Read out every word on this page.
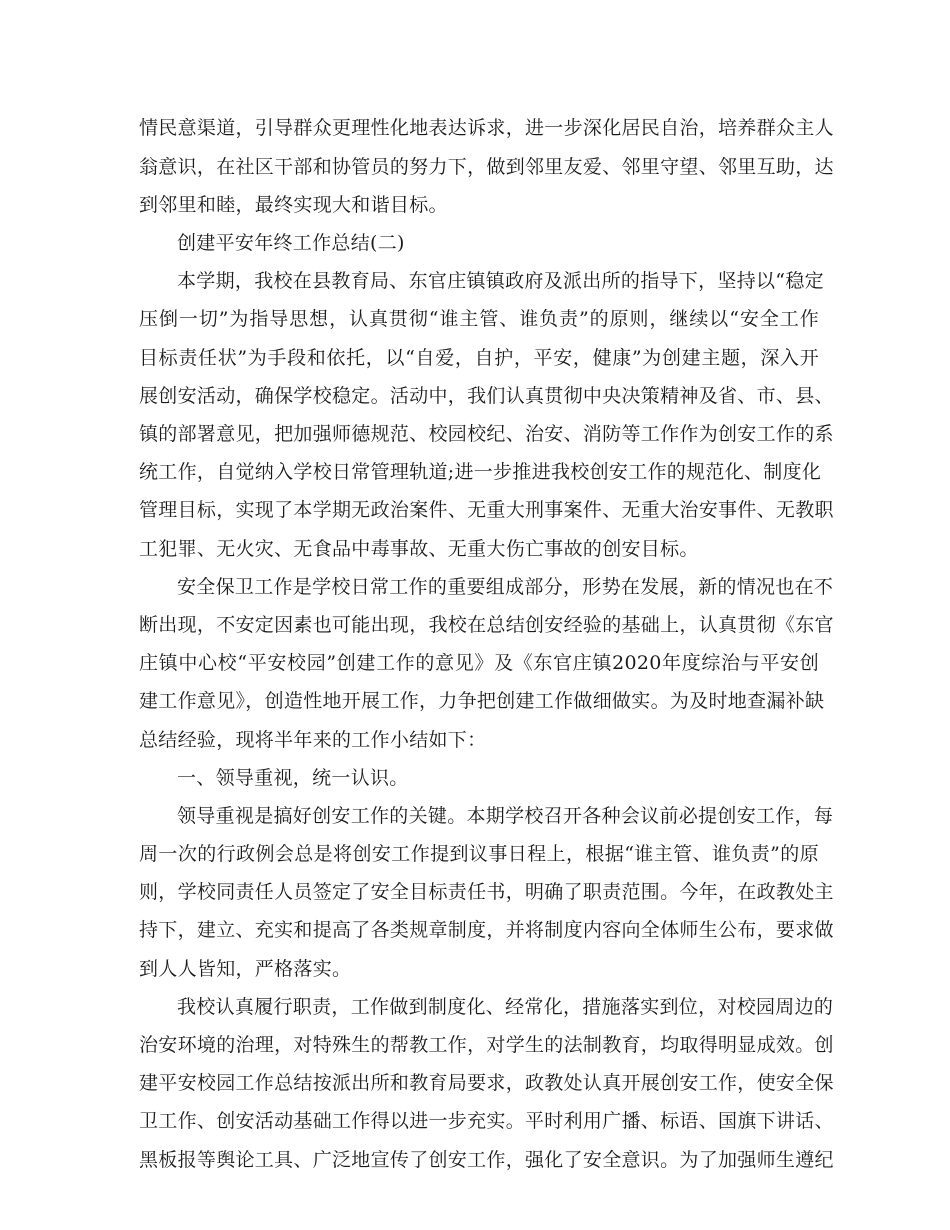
情民意渠道，引导群众更理性化地表达诉求，进一步深化居民自治，培养群众主人
翁意识，在社区干部和协管员的努力下，做到邻里友爱、邻里守望、邻里互助，达
到邻里和睦，最终实现大和谐目标。
创建平安年终工作总结(二)
本学期，我校在县教育局、东官庄镇镇政府及派出所的指导下，坚持以“稳定
压倒一切”为指导思想，认真贯彻“谁主管、谁负责”的原则，继续以“安全工作
目标责任状”为手段和依托，以“自爱，自护，平安，健康”为创建主题，深入开
展创安活动，确保学校稳定。活动中，我们认真贯彻中央决策精神及省、市、县、
镇的部署意见，把加强师德规范、校园校纪、治安、消防等工作作为创安工作的系
统工作，自觉纳入学校日常管理轨道;进一步推进我校创安工作的规范化、制度化
管理目标，实现了本学期无政治案件、无重大刑事案件、无重大治安事件、无教职
工犯罪、无火灾、无食品中毒事故、无重大伤亡事故的创安目标。
安全保卫工作是学校日常工作的重要组成部分，形势在发展，新的情况也在不
断出现，不安定因素也可能出现，我校在总结创安经验的基础上，认真贯彻《东官
庄镇中心校“平安校园”创建工作的意见》及《东官庄镇2020年度综治与平安创
建工作意见》，创造性地开展工作，力争把创建工作做细做实。为及时地查漏补缺
总结经验，现将半年来的工作小结如下：
一、领导重视，统一认识。
领导重视是搞好创安工作的关键。本期学校召开各种会议前必提创安工作，每
周一次的行政例会总是将创安工作提到议事日程上，根据“谁主管、谁负责”的原
则，学校同责任人员签定了安全目标责任书，明确了职责范围。今年，在政教处主
持下，建立、充实和提高了各类规章制度，并将制度内容向全体师生公布，要求做
到人人皆知，严格落实。
我校认真履行职责，工作做到制度化、经常化，措施落实到位，对校园周边的
治安环境的治理，对特殊生的帮教工作，对学生的法制教育，均取得明显成效。创
建平安校园工作总结按派出所和教育局要求，政教处认真开展创安工作，使安全保
卫工作、创安活动基础工作得以进一步充实。平时利用广播、标语、国旗下讲话、
黑板报等舆论工具、广泛地宣传了创安工作，强化了安全意识。为了加强师生遵纪
